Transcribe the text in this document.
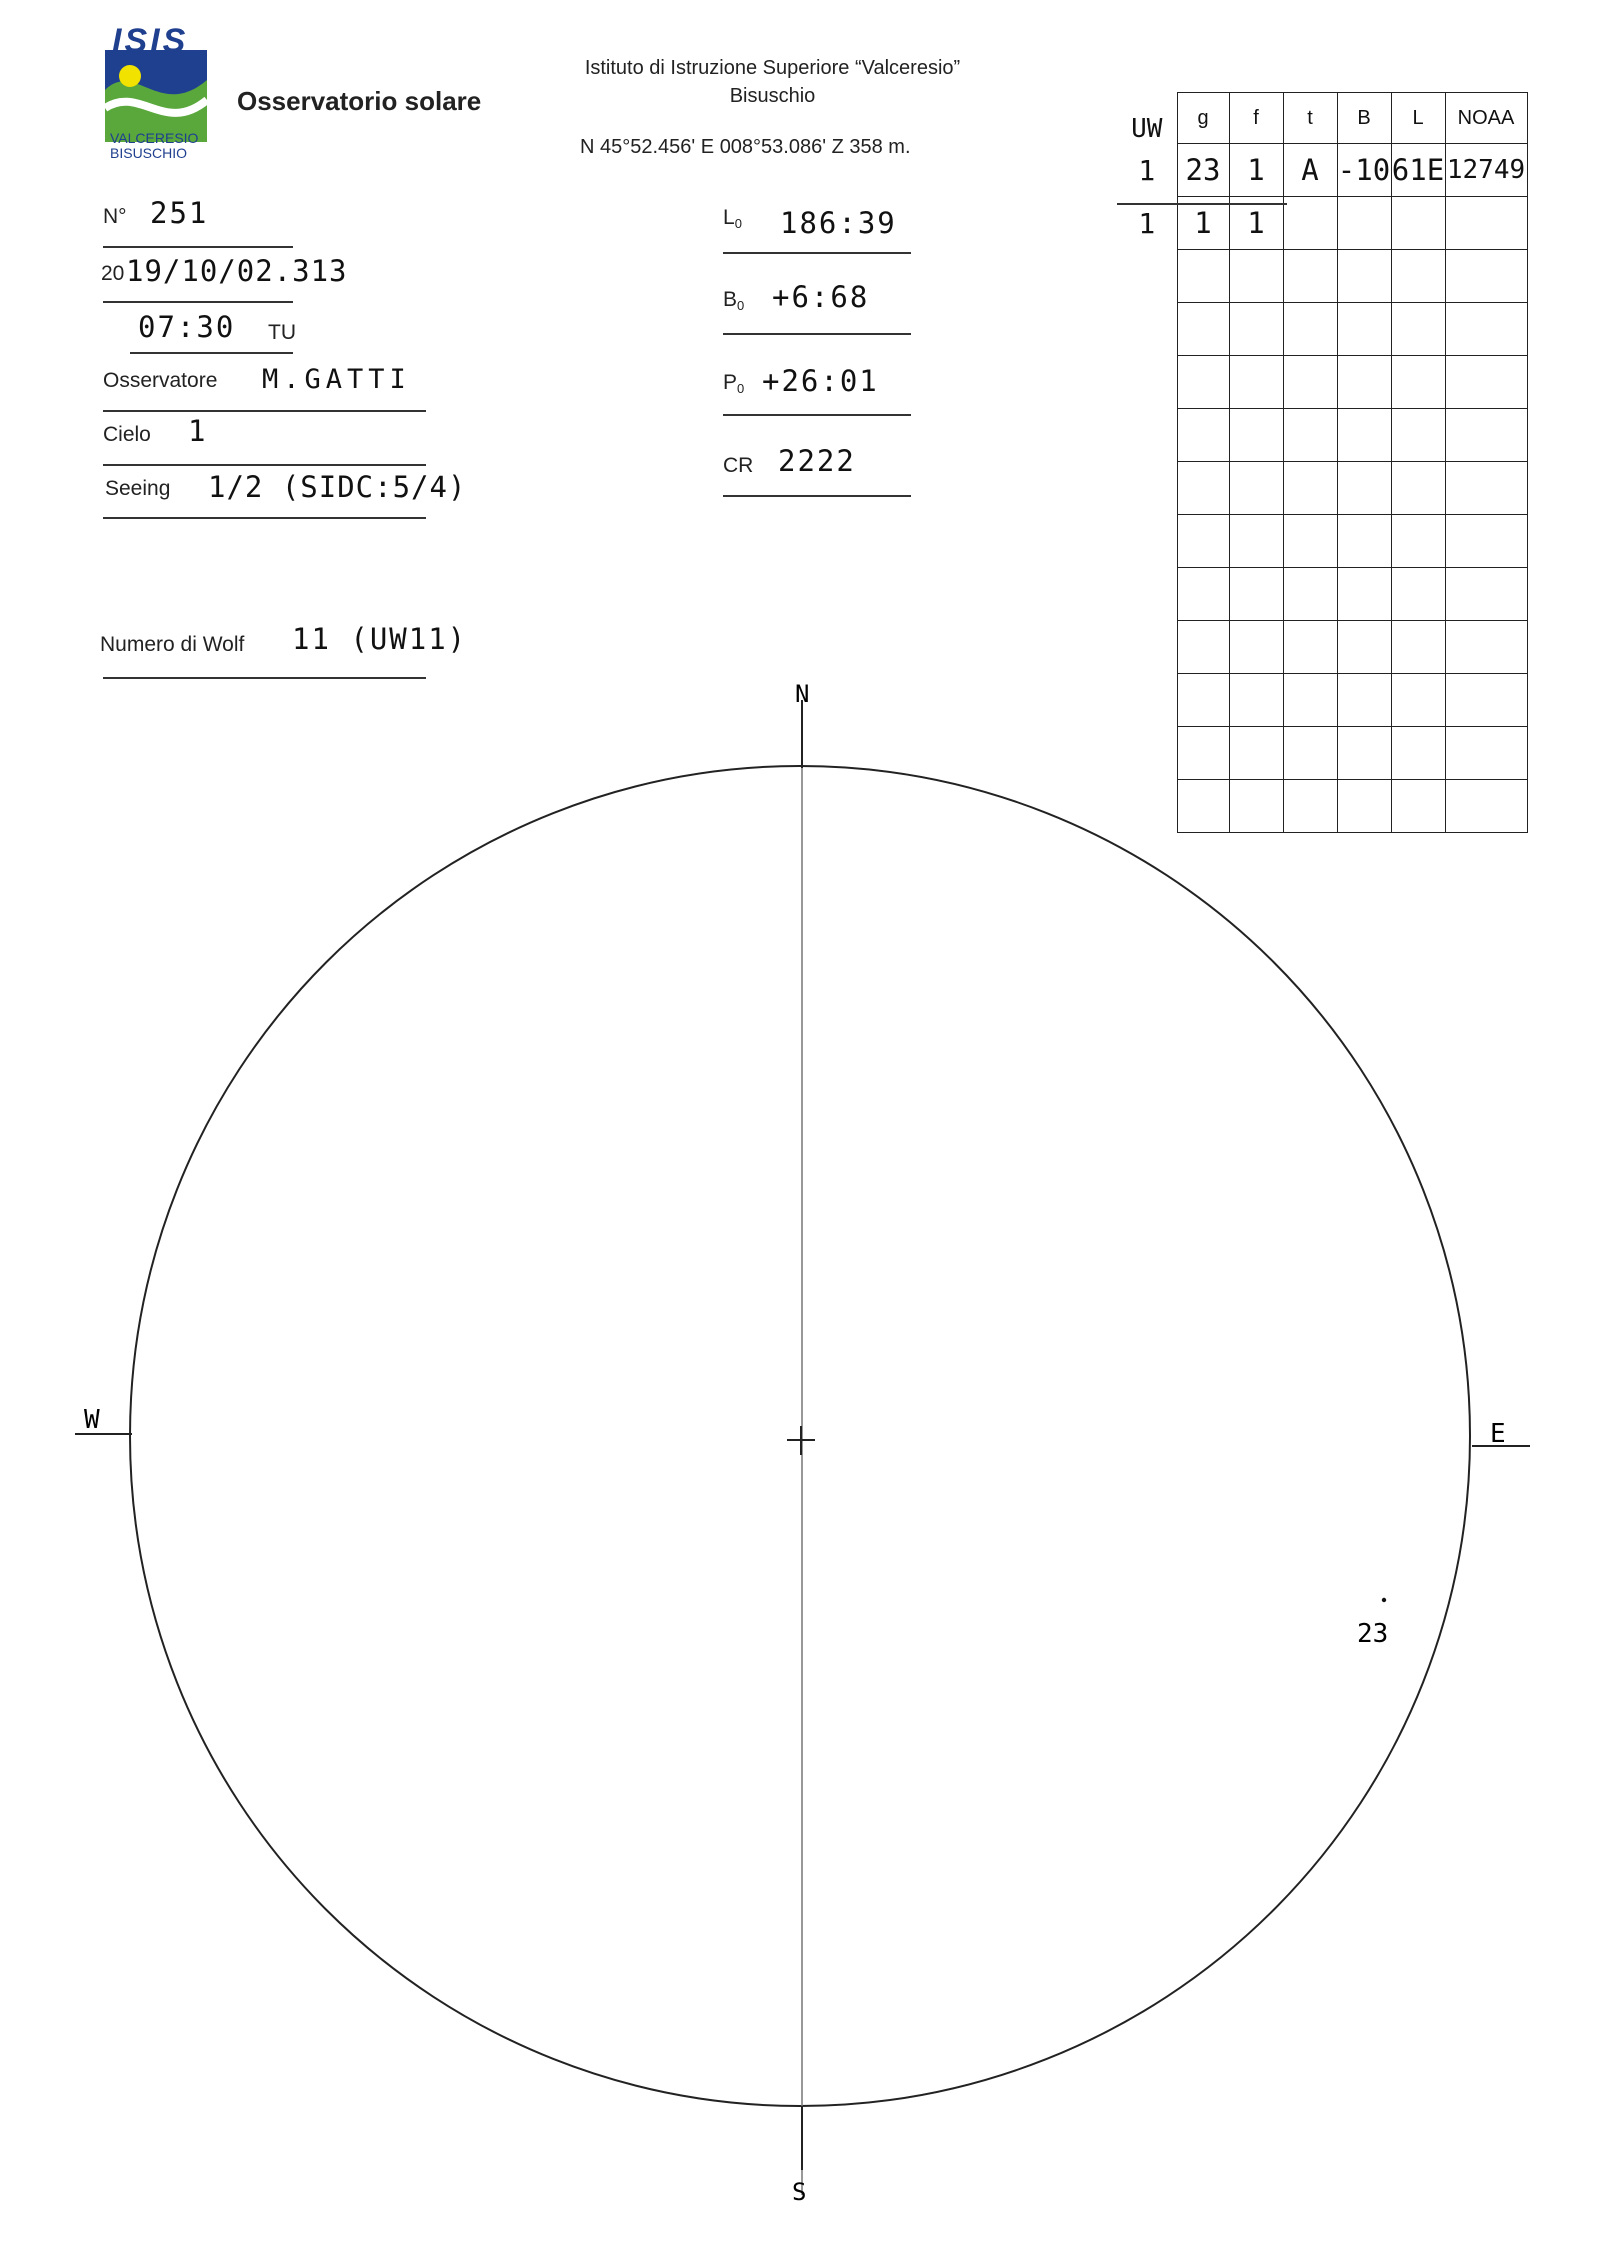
ISIS
VALCERESIO
BISUSCHIO
Osservatorio solare
Istituto di Istruzione Superiore “Valceresio”
Bisuschio
N 45°52.456' E 008°53.086' Z 358 m.
N° 251
20 19/10/02.313
07:30 TU
Osservatore M.GATTI
Cielo 1
Seeing 1/2 (SIDC:5/4)
Numero di Wolf 11 (UW11)
$L_0$ 186:39
$B_0$ +6:68
$P_0$ +26:01
CR 2222
UW	g	f	t	B	L	NOAA
1	23	1	A	-10	61E	12749
1	1	1				

N
S
E
W
23
